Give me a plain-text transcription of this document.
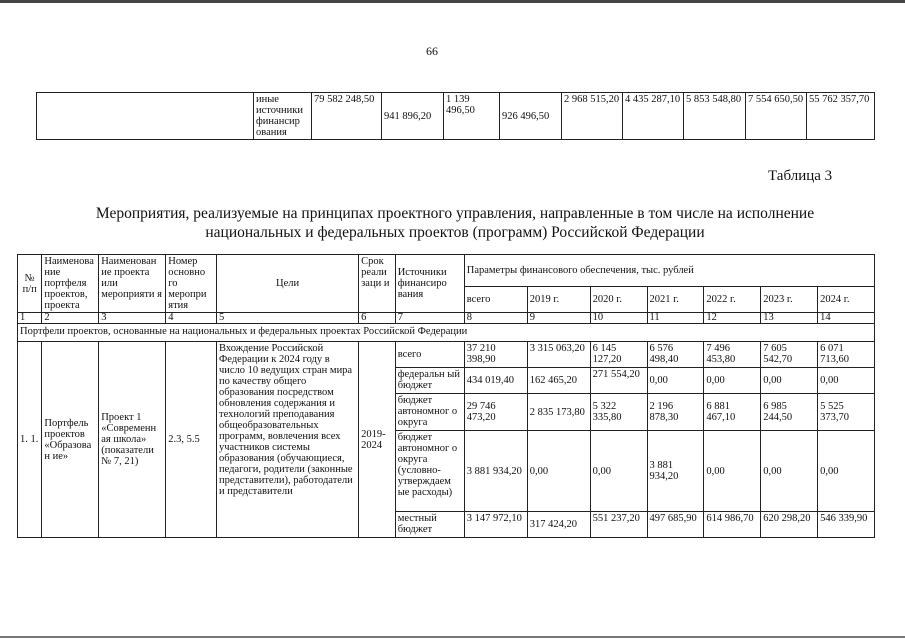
66
	иные источники финансир ования	79 582 248,50	941 896,20	1 139 496,50	926 496,50	2 968 515,20	4 435 287,10	5 853 548,80	7 554 650,50	55 762 357,70
Таблица 3
Мероприятия, реализуемые на принципах проектного управления, направленные в том числе на исполнение национальных и федеральных проектов (программ) Российской Федерации
№ п/п	Наименова ние портфеля проектов, проекта	Наименован ие проекта или мероприяти я	Номер основно го меропри ятия	Цели	Срок реали заци и	Источники финансиро вания	Параметры финансового обеспечения, тыс. рублей						
							всего	2019 г.	2020 г.	2021 г.	2022 г.	2023 г.	2024 г.
1	2	3	4	5	6	7	8	9	10	11	12	13	14
Портфели проектов, основанные на национальных и федеральных проектах Российской Федерации													
1. 1.	Портфель проектов «Образован ие»	Проект 1 «Современн ая школа» (показатели № 7, 21)	2.3, 5.5	Вхождение Российской Федерации к 2024 году в число 10 ведущих стран мира по качеству общего образования посредством обновления содержания и технологий преподавания общеобразовательных программ, вовлечения всех участников системы образования (обучающиеся, педагоги, родители (законные представители), работодатели и представители	2019-2024	всего	37 210 398,90	3 315 063,20	6 145 127,20	6 576 498,40	7 496 453,80	7 605 542,70	6 071 713,60
						федеральн ый бюджет	434 019,40	162 465,20	271 554,20	0,00	0,00	0,00	0,00
						бюджет автономног о округа	29 746 473,20	2 835 173,80	5 322 335,80	2 196 878,30	6 881 467,10	6 985 244,50	5 525 373,70
						бюджет автономног о округа (условно-утверждаем ые расходы)	3 881 934,20	0,00	0,00	3 881 934,20	0,00	0,00	0,00
						местный бюджет	3 147 972,10	317 424,20	551 237,20	497 685,90	614 986,70	620 298,20	546 339,90
